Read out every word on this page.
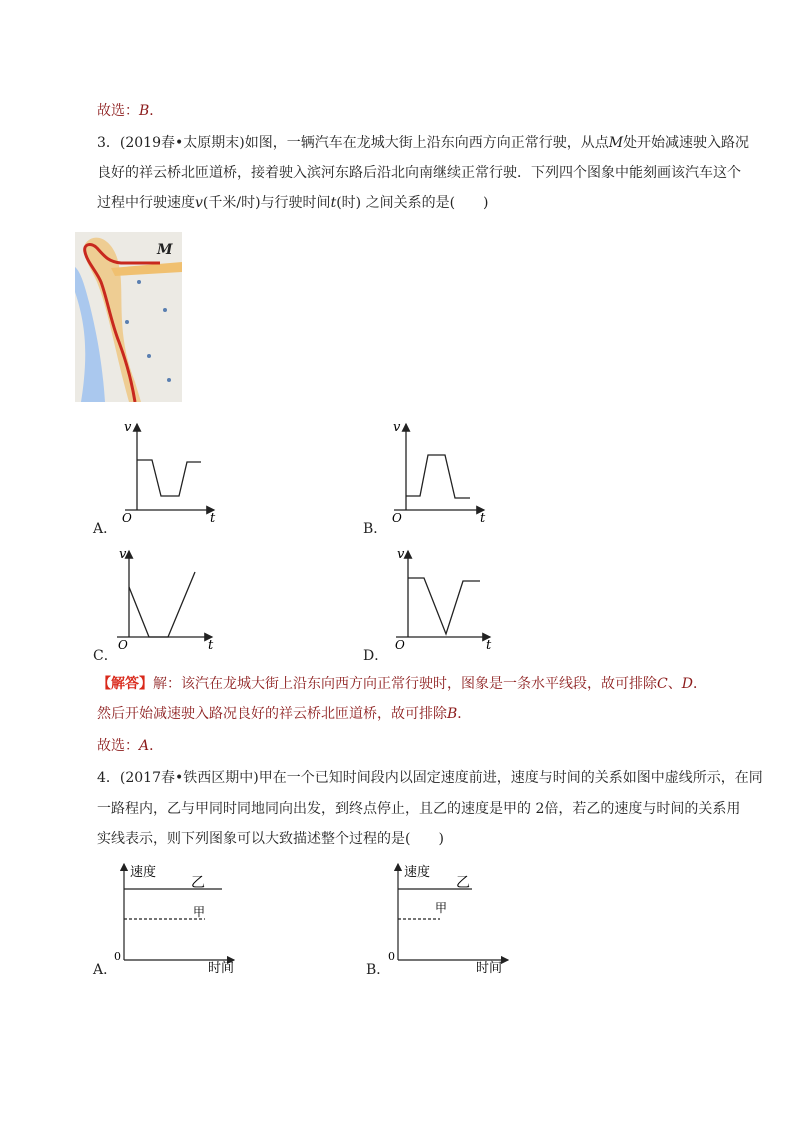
故选：B．
3．(2019春•太原期末)如图，一辆汽车在龙城大街上沿东向西方向正常行驶，从点M处开始减速驶入路况
良好的祥云桥北匝道桥，接着驶入滨河东路后沿北向南继续正常行驶．下列四个图象中能刻画该汽车这个
过程中行驶速度v(千米/时)与行驶时间t(时) 之间关系的是(　　)
M
v
t
O
A．
v
t
O
B．
v
t
O
C．
v
t
O
D．
【解答】解：该汽在龙城大街上沿东向西方向正常行驶时，图象是一条水平线段，故可排除C、D．
然后开始减速驶入路况良好的祥云桥北匝道桥，故可排除B．
故选：A．
4．(2017春•铁西区期中)甲在一个已知时间段内以固定速度前进，速度与时间的关系如图中虚线所示，在同
一路程内，乙与甲同时同地同向出发，到终点停止，且乙的速度是甲的 2倍，若乙的速度与时间的关系用
实线表示，则下列图象可以大致描述整个过程的是(　　)
速度
时间
0
乙
甲
A．
速度
时间
0
乙
甲
B．
